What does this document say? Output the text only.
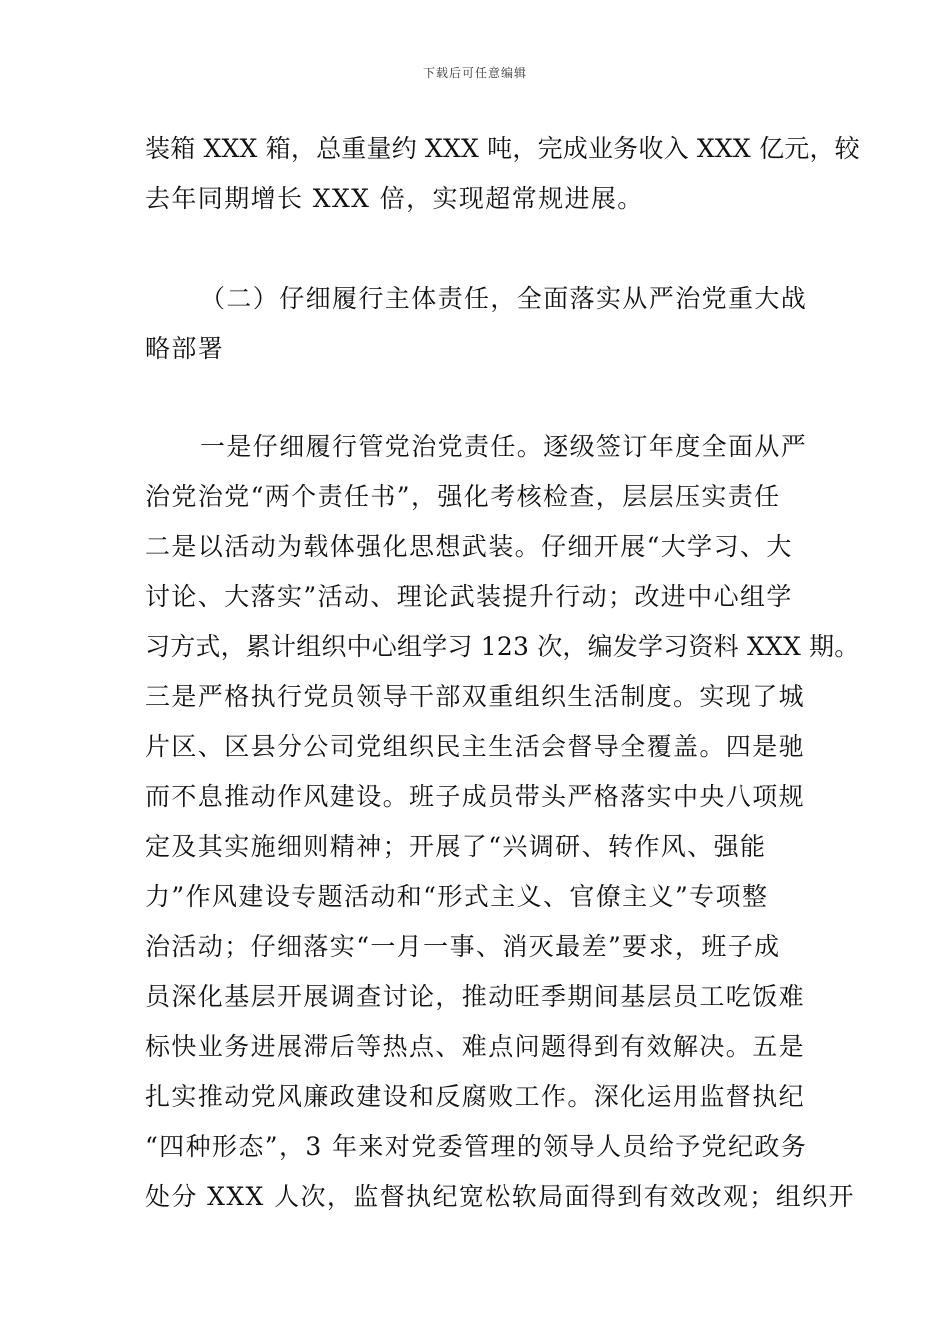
下载后可任意编辑
装箱 XXX 箱，总重量约 XXX 吨，完成业务收入 XXX 亿元，较
去年同期增长 XXX 倍，实现超常规进展。
（二）仔细履行主体责任，全面落实从严治党重大战
略部署
一是仔细履行管党治党责任。逐级签订年度全面从严
治党治党“两个责任书”，强化考核检查，层层压实责任
二是以活动为载体强化思想武装。仔细开展“大学习、大
讨论、大落实”活动、理论武装提升行动；改进中心组学
习方式，累计组织中心组学习 123 次，编发学习资料 XXX 期。
三是严格执行党员领导干部双重组织生活制度。实现了城
片区、区县分公司党组织民主生活会督导全覆盖。四是驰
而不息推动作风建设。班子成员带头严格落实中央八项规
定及其实施细则精神；开展了“兴调研、转作风、强能
力”作风建设专题活动和“形式主义、官僚主义”专项整
治活动；仔细落实“一月一事、消灭最差”要求，班子成
员深化基层开展调查讨论，推动旺季期间基层员工吃饭难
标快业务进展滞后等热点、难点问题得到有效解决。五是
扎实推动党风廉政建设和反腐败工作。深化运用监督执纪
“四种形态”，3 年来对党委管理的领导人员给予党纪政务
处分 XXX 人次，监督执纪宽松软局面得到有效改观；组织开
